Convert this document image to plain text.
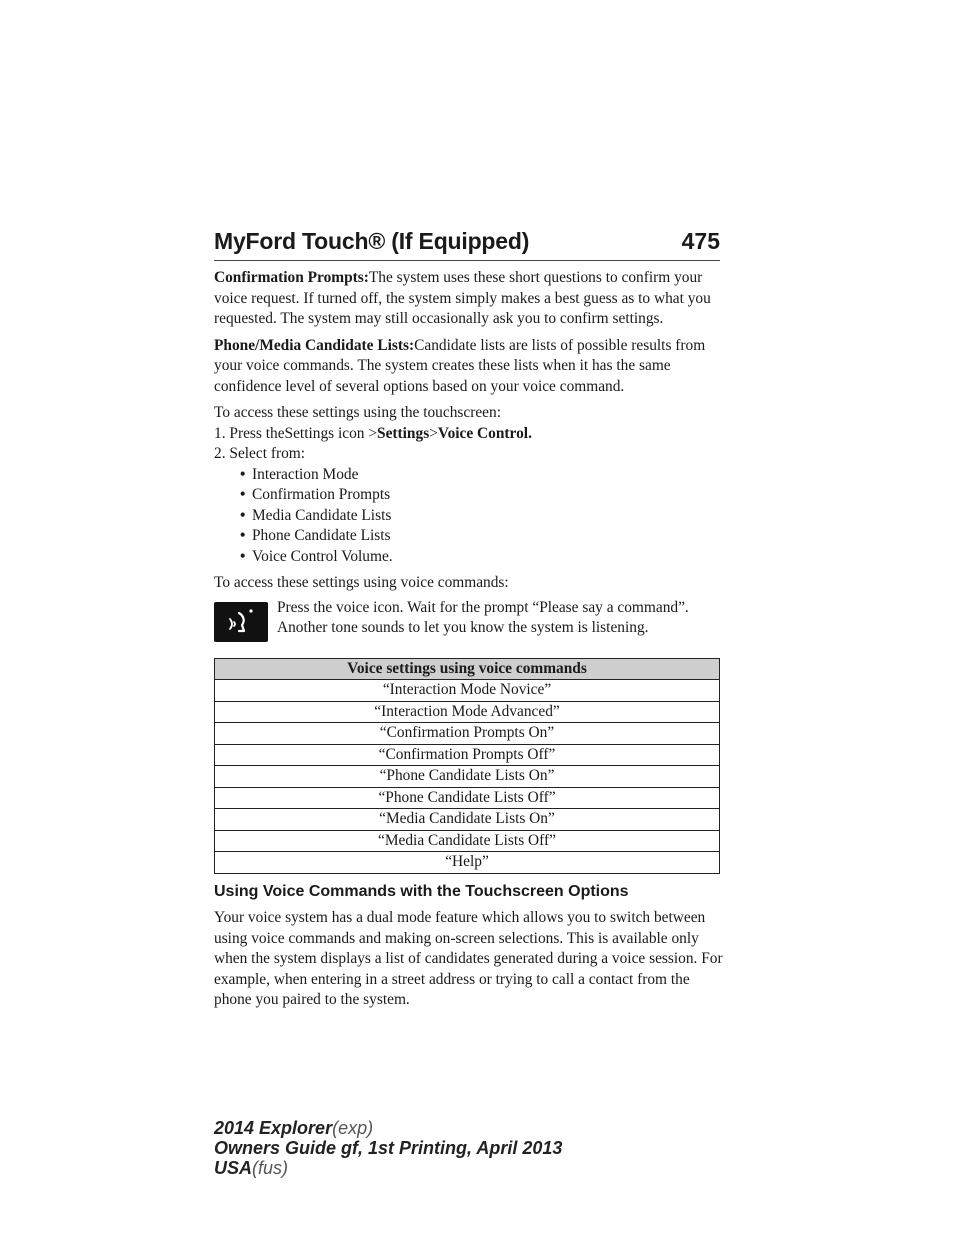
MyFord Touch® (If Equipped)	475

Confirmation Prompts:The system uses these short questions to confirm your voice request. If turned off, the system simply makes a best guess as to what you requested. The system may still occasionally ask you to confirm settings.

Phone/Media Candidate Lists:Candidate lists are lists of possible results from your voice commands. The system creates these lists when it has the same confidence level of several options based on your voice command.

To access these settings using the touchscreen:
1. Press theSettings icon >Settings>Voice Control.
2. Select from:
• Interaction Mode
• Confirmation Prompts
• Media Candidate Lists
• Phone Candidate Lists
• Voice Control Volume.

To access these settings using voice commands:

Press the voice icon. Wait for the prompt “Please say a command”. Another tone sounds to let you know the system is listening.
Voice settings using voice commands
“Interaction Mode Novice”
“Interaction Mode Advanced”
“Confirmation Prompts On”
“Confirmation Prompts Off”
“Phone Candidate Lists On”
“Phone Candidate Lists Off”
“Media Candidate Lists On”
“Media Candidate Lists Off”
“Help”
Using Voice Commands with the Touchscreen Options

Your voice system has a dual mode feature which allows you to switch between using voice commands and making on-screen selections. This is available only when the system displays a list of candidates generated during a voice session. For example, when entering in a street address or trying to call a contact from the phone you paired to the system.

2014 Explorer(exp)
Owners Guide gf, 1st Printing, April 2013
USA(fus)
